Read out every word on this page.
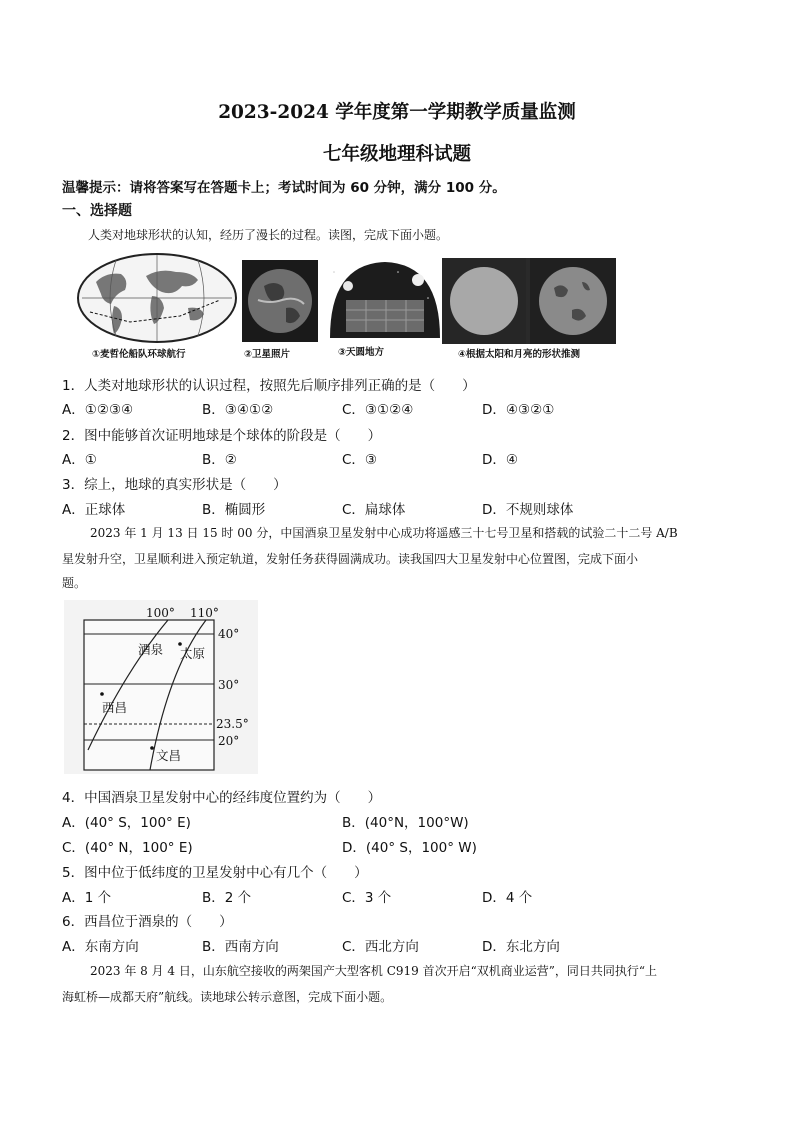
2023-2024 学年度第一学期教学质量监测
七年级地理科试题
温馨提示：请将答案写在答题卡上；考试时间为 60 分钟，满分 100 分。
一、选择题
人类对地球形状的认知，经历了漫长的过程。读图，完成下面小题。
①麦哲伦船队环球航行	②卫星照片	③天圆地方	④根据太阳和月亮的形状推测
1．人类对地球形状的认识过程，按照先后顺序排列正确的是（　　）
A．①②③④	B．③④①②	C．③①②④	D．④③②①
2．图中能够首次证明地球是个球体的阶段是（　　）
A．①	B．②	C．③	D．④
3．综上，地球的真实形状是（　　）
A．正球体	B．椭圆形	C．扁球体	D．不规则球体
2023 年 1 月 13 日 15 时 00 分，中国酒泉卫星发射中心成功将遥感三十七号卫星和搭载的试验二十二号 A/B
星发射升空，卫星顺利进入预定轨道，发射任务获得圆满成功。读我国四大卫星发射中心位置图，完成下面小
题。
100° 110°
40°
30°
23.5°
20°
酒泉 太原
西昌
文昌
4．中国酒泉卫星发射中心的经纬度位置约为（　　）
A．(40° S，100° E)	B．(40°N，100°W)
C．(40° N，100° E)	D．(40° S，100° W)
5．图中位于低纬度的卫星发射中心有几个（　　）
A．1 个	B．2 个	C．3 个	D．4 个
6．西昌位于酒泉的（　　）
A．东南方向	B．西南方向	C．西北方向	D．东北方向
2023 年 8 月 4 日，山东航空接收的两架国产大型客机 C919 首次开启“双机商业运营”，同日共同执行“上
海虹桥—成都天府”航线。读地球公转示意图，完成下面小题。
